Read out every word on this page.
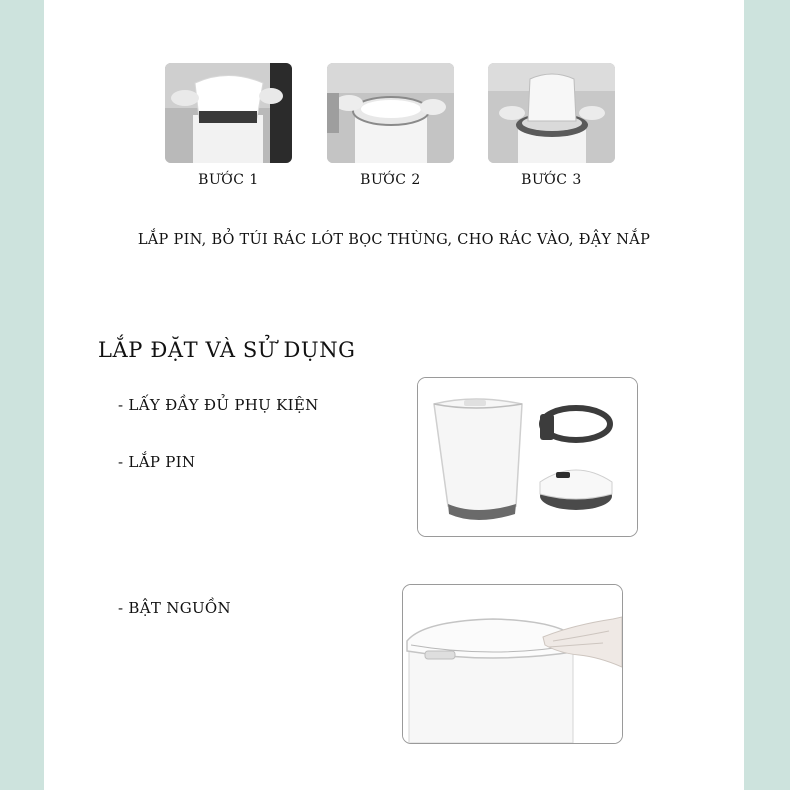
BƯỚC 1	BƯỚC 2	BƯỚC 3
LẮP PIN, BỎ TÚI RÁC LÓT BỌC THÙNG, CHO RÁC VÀO, ĐẬY NẮP
LẮP ĐẶT VÀ SỬ DỤNG
- LẤY ĐẦY ĐỦ PHỤ KIỆN
- LẮP PIN
- BẬT NGUỒN
